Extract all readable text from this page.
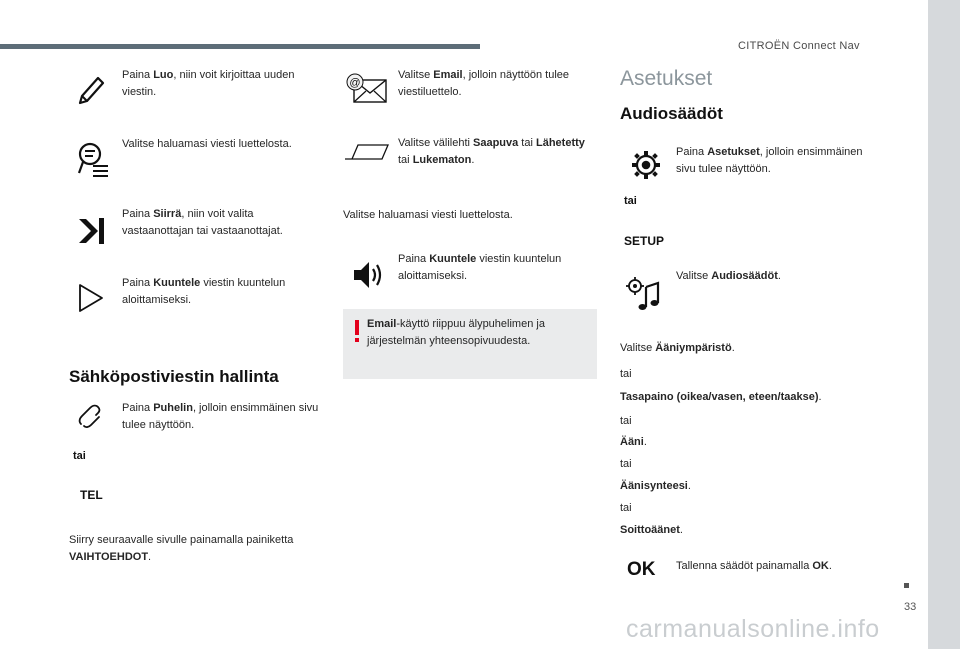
CITROËN Connect Nav
Paina Luo, niin voit kirjoittaa uuden viestin.
Valitse haluamasi viesti luettelosta.
Paina Siirrä, niin voit valita vastaanottajan tai vastaanottajat.
Paina Kuuntele viestin kuuntelun aloittamiseksi.
Sähköpostiviestin hallinta
Paina Puhelin, jolloin ensimmäinen sivu tulee näyttöön.
tai
TEL
Siirry seuraavalle sivulle painamalla painiketta VAIHTOEHDOT.
@
Valitse Email, jolloin näyttöön tulee viestiluettelo.
Valitse välilehti Saapuva tai Lähetetty tai Lukematon.
Valitse haluamasi viesti luettelosta.
Paina Kuuntele viestin kuuntelun aloittamiseksi.
Email-käyttö riippuu älypuhelimen ja järjestelmän yhteensopivuudesta.
Asetukset
Audiosäädöt
Paina Asetukset, jolloin ensimmäinen sivu tulee näyttöön.
tai
SETUP
Valitse Audiosäädöt.
Valitse Ääniympäristö.
tai
Tasapaino (oikea/vasen, eteen/taakse).
tai
Ääni.
tai
Äänisynteesi.
tai
Soittoäänet.
OK Tallenna säädöt painamalla OK.
33
carmanualsonline.info
